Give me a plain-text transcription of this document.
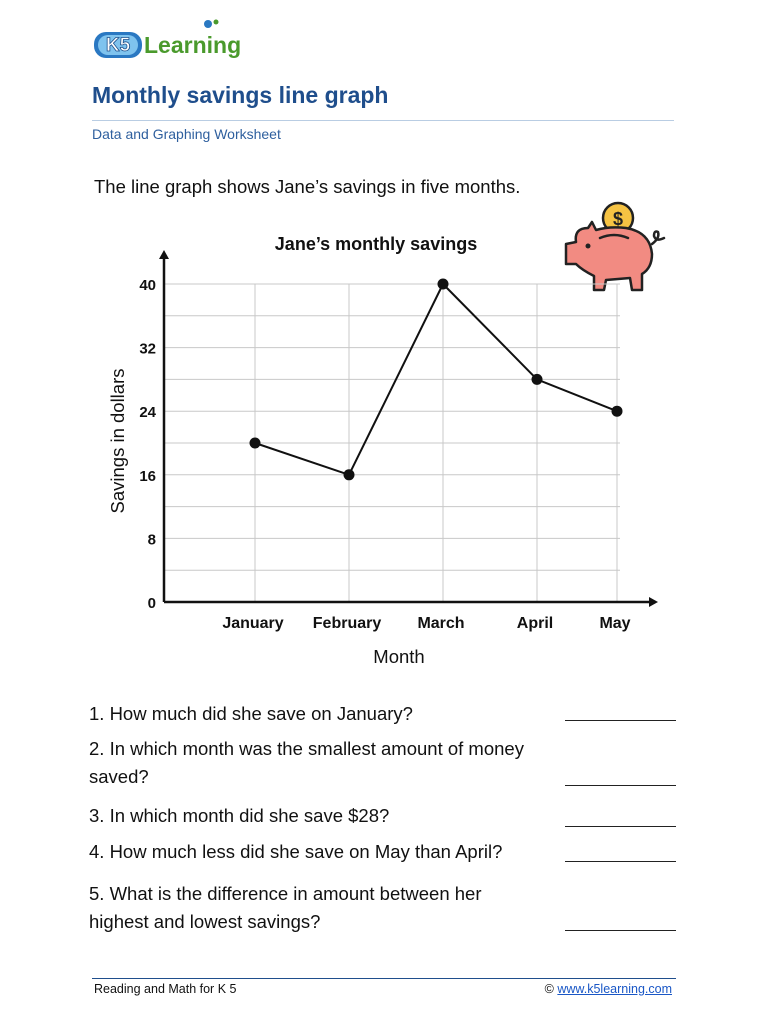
K5 Learning
Monthly savings line graph
Data and Graphing Worksheet
The line graph shows Jane’s savings in five months.
$
Jane’s monthly savings
0
8
16
24
32
40
January February March	April	May
Month
Savings in dollars
1. How much did she save on January?
2. In which month was the smallest amount of money saved?
3. In which month did she save $28?
4. How much less did she save on May than April?
5. What is the difference in amount between her highest and lowest savings?
Reading and Math for K 5	© www.k5learning.com
